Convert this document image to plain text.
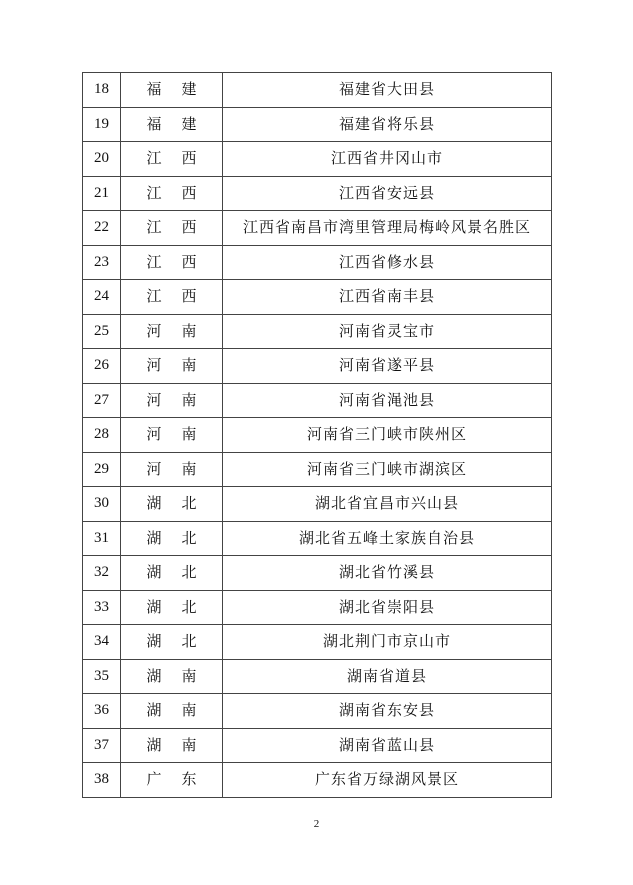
18	福 建	福建省大田县
19	福 建	福建省将乐县
20	江 西	江西省井冈山市
21	江 西	江西省安远县
22	江 西	江西省南昌市湾里管理局梅岭风景名胜区
23	江 西	江西省修水县
24	江 西	江西省南丰县
25	河 南	河南省灵宝市
26	河 南	河南省遂平县
27	河 南	河南省渑池县
28	河 南	河南省三门峡市陕州区
29	河 南	河南省三门峡市湖滨区
30	湖 北	湖北省宜昌市兴山县
31	湖 北	湖北省五峰土家族自治县
32	湖 北	湖北省竹溪县
33	湖 北	湖北省崇阳县
34	湖 北	湖北荆门市京山市
35	湖 南	湖南省道县
36	湖 南	湖南省东安县
37	湖 南	湖南省蓝山县
38	广 东	广东省万绿湖风景区
2
